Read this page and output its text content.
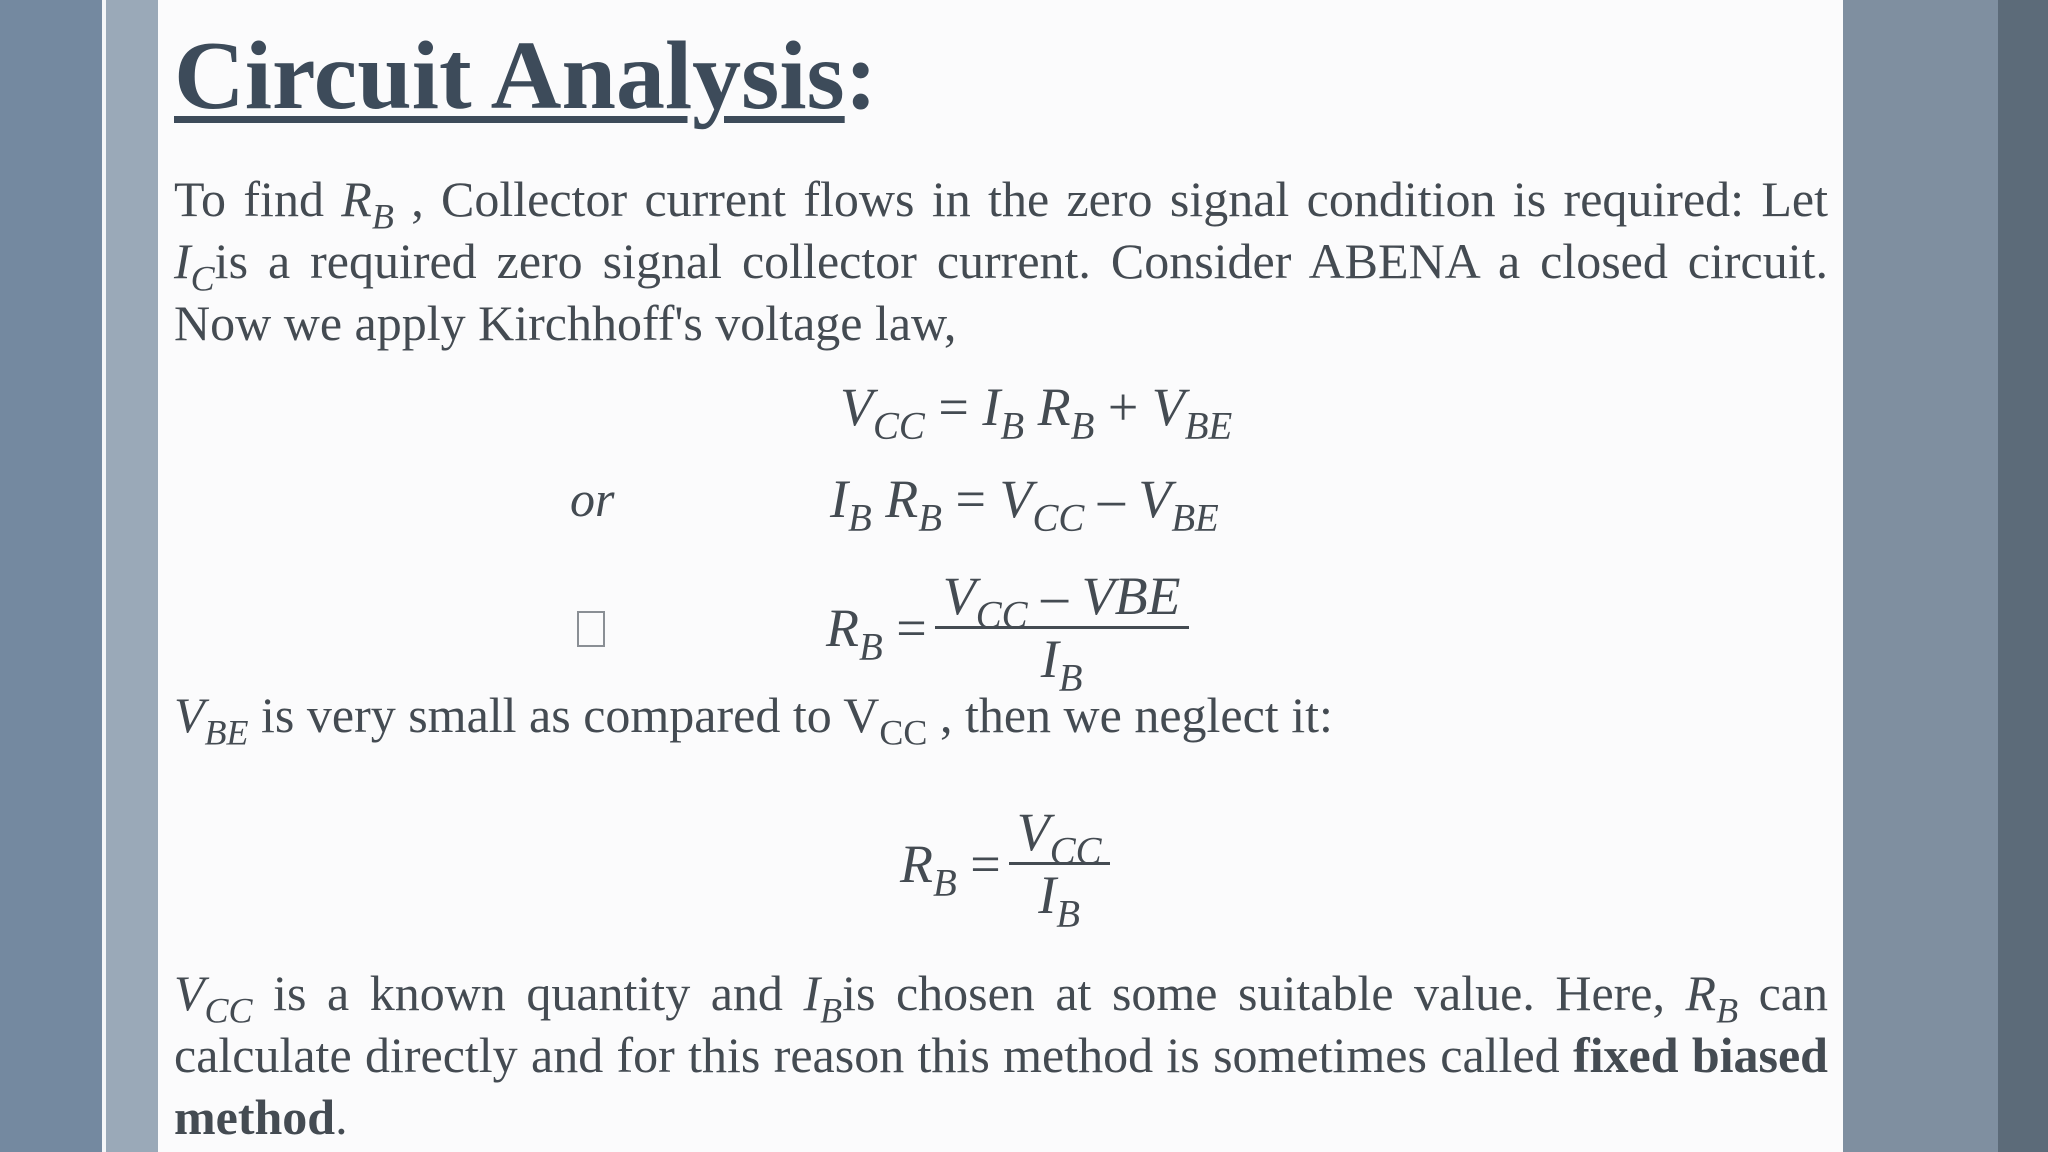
Circuit Analysis:
To find $R_B$ , Collector current flows in the zero signal condition is required: Let $I_Cis$ a required zero signal collector current. Consider ABENA a closed circuit. Now we apply Kirchhoff's voltage law,
$V_{CC} = I_B$ $R_B + V_{BE}$
or	$I_B$ $R_B = V_{CC} - V_{BE}$
$R_B = \frac{V_{CC} - VBE}{I_B}$
$V_{BE}$ is very small as compared to $V_{CC}$ , then we neglect it:
$R_B = \frac{V_{CC}}{I_B}$
$V_{CC}$ is a known quantity and $I_Bis$ chosen at some suitable value. Here, $R_B$ can calculate directly and for this reason this method is sometimes called fixed biased method.
